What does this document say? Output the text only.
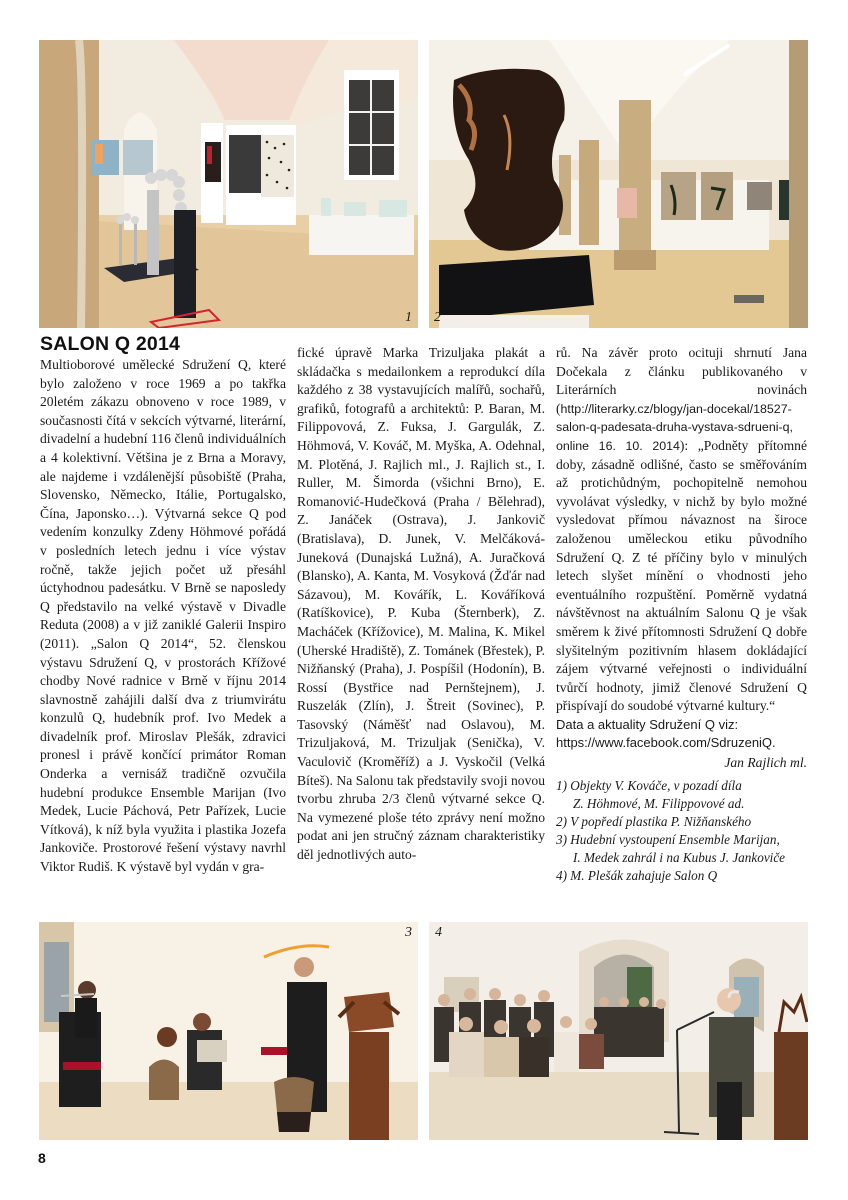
1 2
SALON Q 2014
Multioborové umělecké Sdružení Q, které bylo založeno v roce 1969 a po takřka 20letém zákazu obnoveno v roce 1989, v současnosti čítá v sekcích výtvarné, literární, divadelní a hudební 116 členů individuálních a 4 kolektivní. Většina je z Brna a Moravy, ale najdeme i vzdálenější působiště (Praha, Slovensko, Německo, Itálie, Portugalsko, Čína, Japonsko…). Výtvarná sekce Q pod vedením konzulky Zdeny Höhmové pořádá v posledních letech jednu i více výstav ročně, takže jejich počet už přesáhl úctyhodnou padesátku. V Brně se naposledy Q představilo na velké výstavě v Divadle Reduta (2008) a v již zaniklé Galerii Inspiro (2011). „Salon Q 2014“, 52. členskou výstavu Sdružení Q, v prostorách Křížové chodby Nové radnice v Brně v říjnu 2014 slavnostně zahájili další dva z triumvirátu konzulů Q, hudebník prof. Ivo Medek a divadelník prof. Miroslav Plešák, zdravici pronesl i právě končící primátor Roman Onderka a vernisáž tradičně ozvučila hudební produkce Ensemble Marijan (Ivo Medek, Lucie Páchová, Petr Pařízek, Lucie Vítková), k níž byla využita i plastika Jozefa Jankoviče. Prostorové řešení výstavy navrhl Viktor Rudiš. K výstavě byl vydán v gra-
fické úpravě Marka Trizuljaka plakát a skládačka s medailonkem a reprodukcí díla každého z 38 vystavujících malířů, sochařů, grafiků, fotografů a architektů: P. Baran, M. Filippovová, Z. Fuksa, J. Gargulák, Z. Höhmová, V. Kováč, M. Myška, A. Odehnal, M. Plotěná, J. Rajlich ml., J. Rajlich st., I. Ruller, M. Šimorda (všichni Brno), E. Romanović-Hudečková (Praha / Bělehrad), Z. Janáček (Ostrava), J. Jankovič (Bratislava), D. Junek, V. Melčáková-Juneková (Dunajská Lužná), A. Juračková (Blansko), A. Kanta, M. Vosyková (Žďár nad Sázavou), M. Kovářík, L. Kováříková (Ratíškovice), P. Kuba (Šternberk), Z. Macháček (Křížovice), M. Malina, K. Mikel (Uherské Hradiště), Z. Tománek (Břestek), P. Nižňanský (Praha), J. Pospíšil (Hodonín), B. Rossí (Bystřice nad Pernštejnem), J. Ruszelák (Zlín), J. Štreit (Sovinec), P. Tasovský (Náměšť nad Oslavou), M. Trizuljaková, M. Trizuljak (Senička), V. Vaculovič (Kroměříž) a J. Vyskočil (Velká Bíteš). Na Salonu tak představily svoji novou tvorbu zhruba 2/3 členů výtvarné sekce Q. Na vymezené ploše této zprávy není možno podat ani jen stručný záznam charakteristiky děl jednotlivých auto-
rů. Na závěr proto ocituji shrnutí Jana Dočekala z článku publikovaného v Literárních novinách (http://literarky.cz/blogy/jan-docekal/18527-salon-q-padesata-druha-vystava-sdrueni-q, online 16. 10. 2014): „Podněty přítomné doby, zásadně odlišné, často se směřováním až protichůdným, pochopitelně nemohou vyvolávat výsledky, v nichž by bylo možné vysledovat přímou návaznost na široce založenou uměleckou etiku původního Sdružení Q. Z té příčiny bylo v minulých letech slyšet mínění o vhodnosti jeho eventuálního rozpuštění. Poměrně vydatná návštěvnost na aktuálním Salonu Q je však směrem k živé přítomnosti Sdružení Q dobře slyšitelným pozitivním hlasem dokládající zájem výtvarné veřejnosti o individuální tvůrčí hodnoty, jimiž členové Sdružení Q přispívají do soudobé výtvarné kultury.“
Data a aktuality Sdružení Q viz:
https://www.facebook.com/SdruzeniQ.
Jan Rajlich ml.
1) Objekty V. Kováče, v pozadí díla
Z. Höhmové, M. Filippovové ad.
2) V popředí plastika P. Nižňanského
3) Hudební vystoupení Ensemble Marijan,
I. Medek zahrál i na Kubus J. Jankoviče
4) M. Plešák zahajuje Salon Q
3 4
8
